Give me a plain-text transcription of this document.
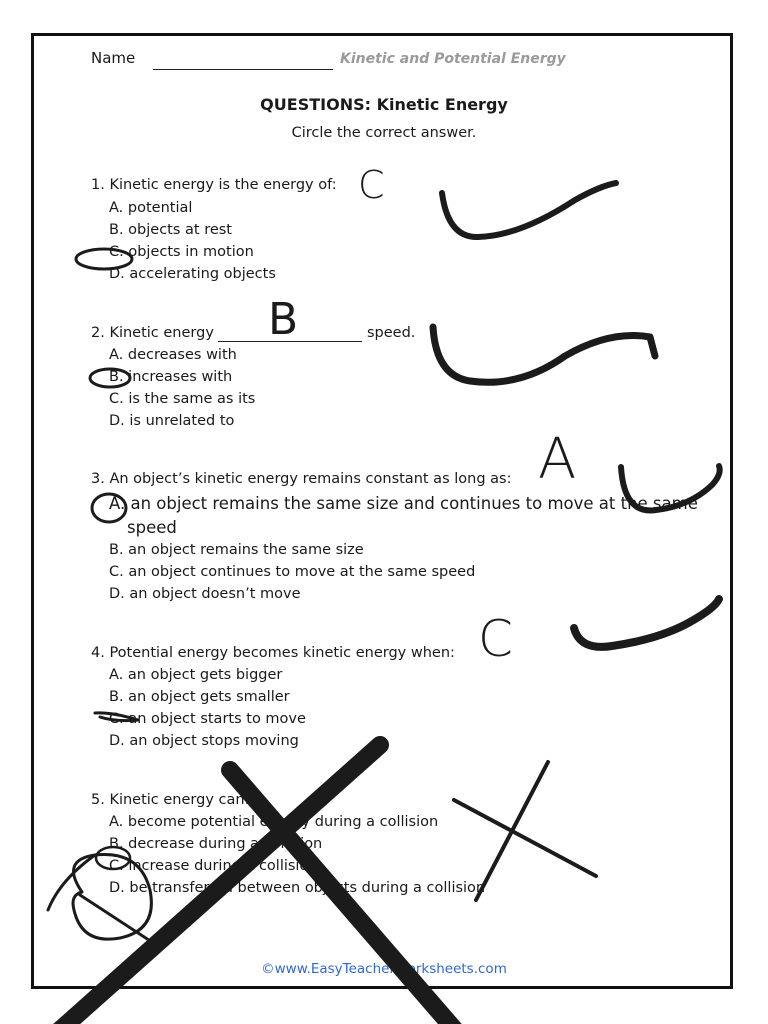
Name	Kinetic and Potential Energy
QUESTIONS: Kinetic Energy
Circle the correct answer.
1. Kinetic energy is the energy of:
A. potential
B. objects at rest
C. objects in motion
D. accelerating objects
2. Kinetic energy	speed.
A. decreases with
B. increases with
C. is the same as its
D. is unrelated to
3. An object’s kinetic energy remains constant as long as:
A. an object remains the same size and continues to move at the same
speed
B. an object remains the same size
C. an object continues to move at the same speed
D. an object doesn’t move
4. Potential energy becomes kinetic energy when:
A. an object gets bigger
B. an object gets smaller
C. an object starts to move
D. an object stops moving
5. Kinetic energy can:
A. become potential energy during a collision
B. decrease during a collision
C. increase during a collision
D. be transferred between objects during a collision
©www.EasyTeacherWorksheets.com
C
B
A
C
